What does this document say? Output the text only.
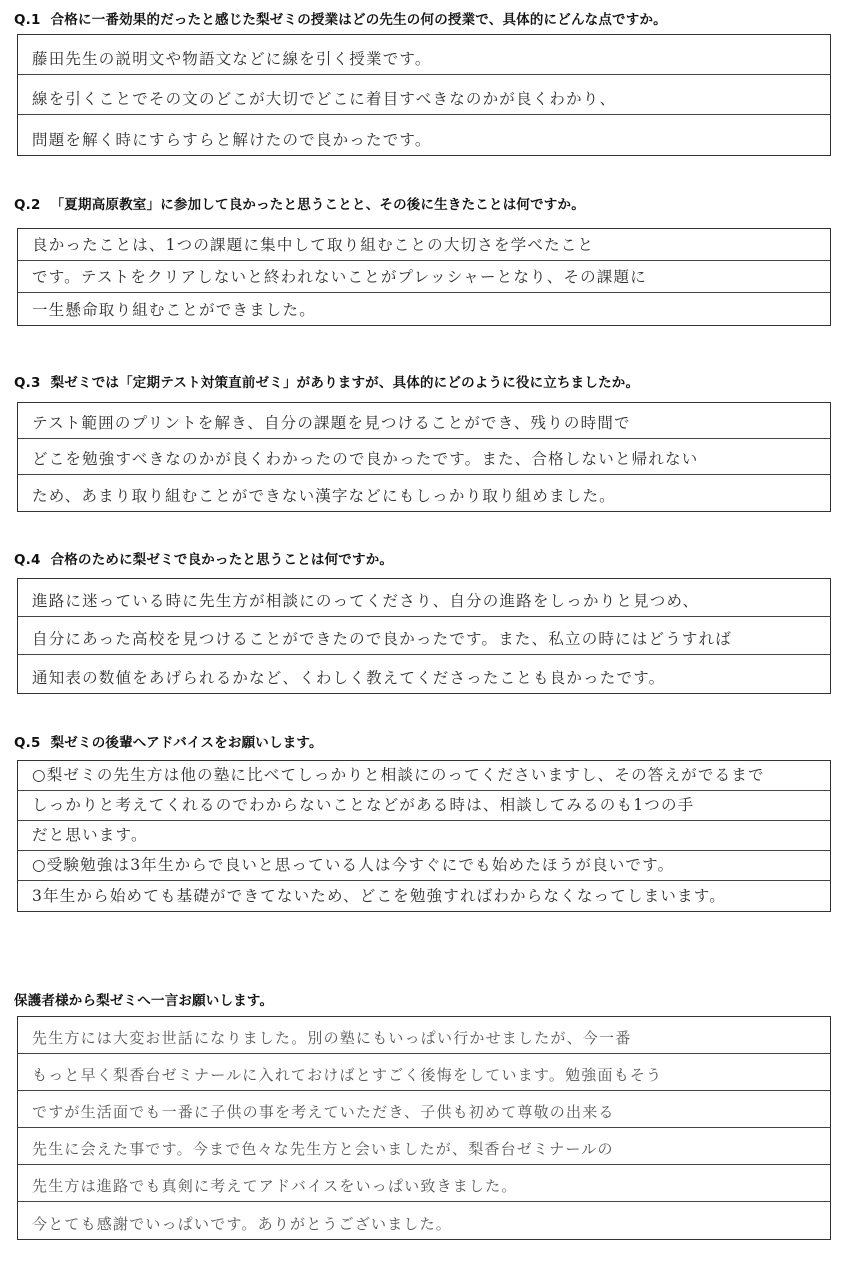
Q.1 合格に一番効果的だったと感じた梨ゼミの授業はどの先生の何の授業で、具体的にどんな点ですか。
藤田先生の説明文や物語文などに線を引く授業です。
線を引くことでその文のどこが大切でどこに着目すべきなのかが良くわかり、
問題を解く時にすらすらと解けたので良かったです。
Q.2 「夏期高原教室」に参加して良かったと思うことと、その後に生きたことは何ですか。
良かったことは、1つの課題に集中して取り組むことの大切さを学べたこと
です。テストをクリアしないと終われないことがプレッシャーとなり、その課題に
一生懸命取り組むことができました。
Q.3 梨ゼミでは「定期テスト対策直前ゼミ」がありますが、具体的にどのように役に立ちましたか。
テスト範囲のプリントを解き、自分の課題を見つけることができ、残りの時間で
どこを勉強すべきなのかが良くわかったので良かったです。また、合格しないと帰れない
ため、あまり取り組むことができない漢字などにもしっかり取り組めました。
Q.4 合格のために梨ゼミで良かったと思うことは何ですか。
進路に迷っている時に先生方が相談にのってくださり、自分の進路をしっかりと見つめ、
自分にあった高校を見つけることができたので良かったです。また、私立の時にはどうすれば
通知表の数値をあげられるかなど、くわしく教えてくださったことも良かったです。
Q.5 梨ゼミの後輩へアドバイスをお願いします。
○梨ゼミの先生方は他の塾に比べてしっかりと相談にのってくださいますし、その答えがでるまで
しっかりと考えてくれるのでわからないことなどがある時は、相談してみるのも1つの手
だと思います。
○受験勉強は3年生からで良いと思っている人は今すぐにでも始めたほうが良いです。
3年生から始めても基礎ができてないため、どこを勉強すればわからなくなってしまいます。
保護者様から梨ゼミへ一言お願いします。
先生方には大変お世話になりました。別の塾にもいっぱい行かせましたが、今一番
もっと早く梨香台ゼミナールに入れておけばとすごく後悔をしています。勉強面もそう
ですが生活面でも一番に子供の事を考えていただき、子供も初めて尊敬の出来る
先生に会えた事です。今まで色々な先生方と会いましたが、梨香台ゼミナールの
先生方は進路でも真剣に考えてアドバイスをいっぱい致きました。
今とても感謝でいっぱいです。ありがとうございました。
